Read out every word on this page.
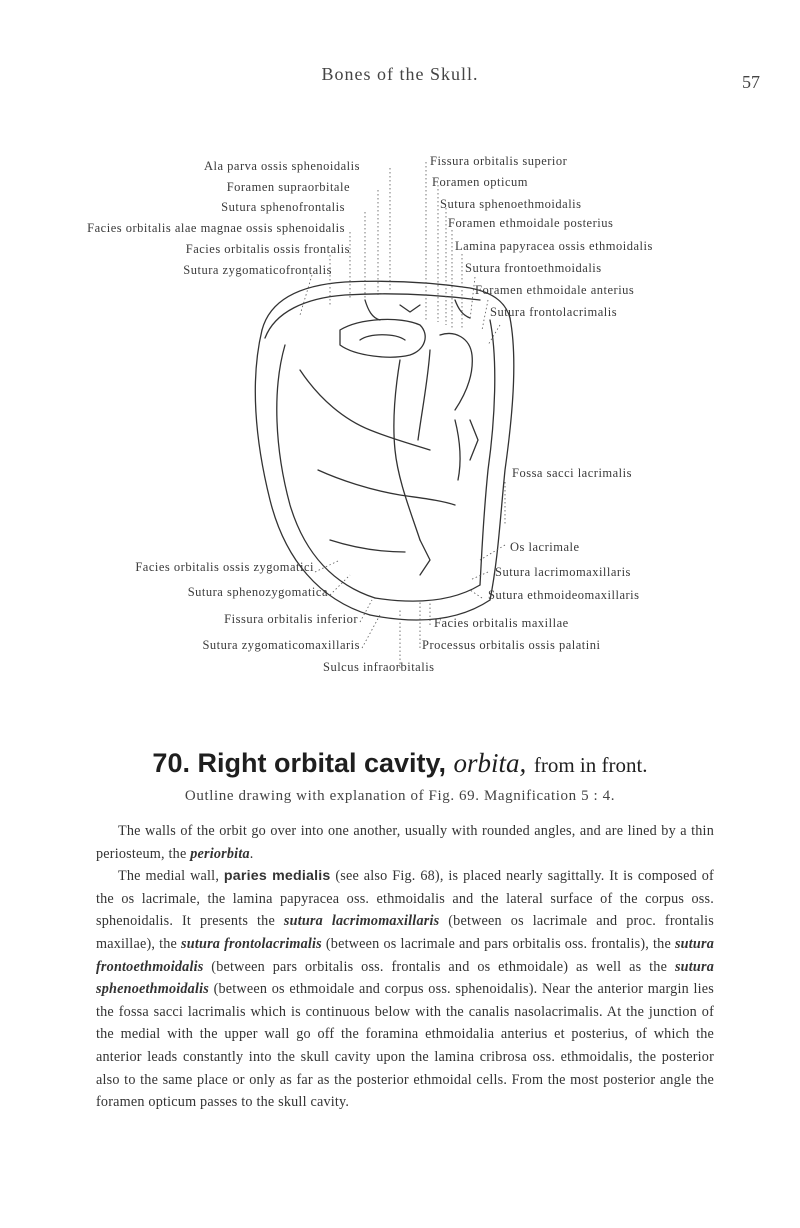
Bones of the Skull.	57
Ala parva ossis sphenoidalis
Foramen supraorbitale
Sutura sphenofrontalis
Facies orbitalis alae magnae ossis sphenoidalis
Facies orbitalis ossis frontalis
Sutura zygomaticofrontalis
Fissura orbitalis superior
Foramen opticum
Sutura sphenoethmoidalis
Foramen ethmoidale posterius
Lamina papyracea ossis ethmoidalis
Sutura frontoethmoidalis
Foramen ethmoidale anterius
Sutura frontolacrimalis
Fossa sacci lacrimalis
Os lacrimale
Sutura lacrimomaxillaris
Sutura ethmoideomaxillaris
Facies orbitalis maxillae
Processus orbitalis ossis palatini
Facies orbitalis ossis zygomatici
Sutura sphenozygomatica
Fissura orbitalis inferior
Sutura zygomaticomaxillaris
Sulcus infraorbitalis
70. Right orbital cavity, orbita, from in front.
Outline drawing with explanation of Fig. 69. Magnification 5 : 4.

The walls of the orbit go over into one another, usually with rounded angles, and are lined by a thin periosteum, the periorbita.

The medial wall, paries medialis (see also Fig. 68), is placed nearly sagittally. It is composed of the os lacrimale, the lamina papyracea oss. ethmoidalis and the lateral surface of the corpus oss. sphenoidalis. It presents the sutura lacrimomaxillaris (between os lacrimale and proc. frontalis maxillae), the sutura frontolacrimalis (between os lacrimale and pars orbitalis oss. frontalis), the sutura frontoethmoidalis (between pars orbitalis oss. frontalis and os ethmoidale) as well as the sutura sphenoethmoidalis (between os ethmoidale and corpus oss. sphenoidalis). Near the anterior margin lies the fossa sacci lacrimalis which is continuous below with the canalis nasolacrimalis. At the junction of the medial with the upper wall go off the foramina ethmoidalia anterius et posterius, of which the anterior leads constantly into the skull cavity upon the lamina cribrosa oss. ethmoidalis, the posterior also to the same place or only as far as the posterior ethmoidal cells. From the most posterior angle the foramen opticum passes to the skull cavity.
